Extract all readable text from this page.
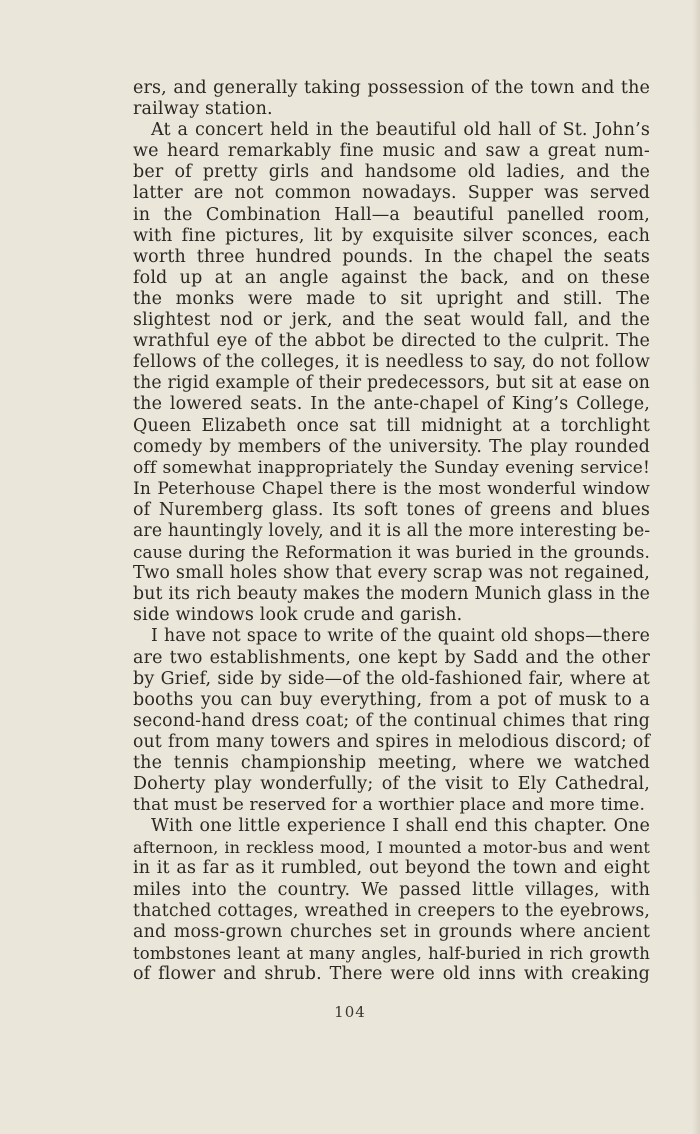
ers, and generally taking possession of the town and the
railway station.
At a concert held in the beautiful old hall of St. John’s
we heard remarkably fine music and saw a great num-
ber of pretty girls and handsome old ladies, and the
latter are not common nowadays. Supper was served
in the Combination Hall—a beautiful panelled room,
with fine pictures, lit by exquisite silver sconces, each
worth three hundred pounds. In the chapel the seats
fold up at an angle against the back, and on these
the monks were made to sit upright and still. The
slightest nod or jerk, and the seat would fall, and the
wrathful eye of the abbot be directed to the culprit. The
fellows of the colleges, it is needless to say, do not follow
the rigid example of their predecessors, but sit at ease on
the lowered seats. In the ante-chapel of King’s College,
Queen Elizabeth once sat till midnight at a torchlight
comedy by members of the university. The play rounded
off somewhat inappropriately the Sunday evening service!
In Peterhouse Chapel there is the most wonderful window
of Nuremberg glass. Its soft tones of greens and blues
are hauntingly lovely, and it is all the more interesting be-
cause during the Reformation it was buried in the grounds.
Two small holes show that every scrap was not regained,
but its rich beauty makes the modern Munich glass in the
side windows look crude and garish.
I have not space to write of the quaint old shops—there
are two establishments, one kept by Sadd and the other
by Grief, side by side—of the old-fashioned fair, where at
booths you can buy everything, from a pot of musk to a
second-hand dress coat; of the continual chimes that ring
out from many towers and spires in melodious discord; of
the tennis championship meeting, where we watched
Doherty play wonderfully; of the visit to Ely Cathedral,
that must be reserved for a worthier place and more time.
With one little experience I shall end this chapter. One
afternoon, in reckless mood, I mounted a motor-bus and went
in it as far as it rumbled, out beyond the town and eight
miles into the country. We passed little villages, with
thatched cottages, wreathed in creepers to the eyebrows,
and moss-grown churches set in grounds where ancient
tombstones leant at many angles, half-buried in rich growth
of flower and shrub. There were old inns with creaking
104
